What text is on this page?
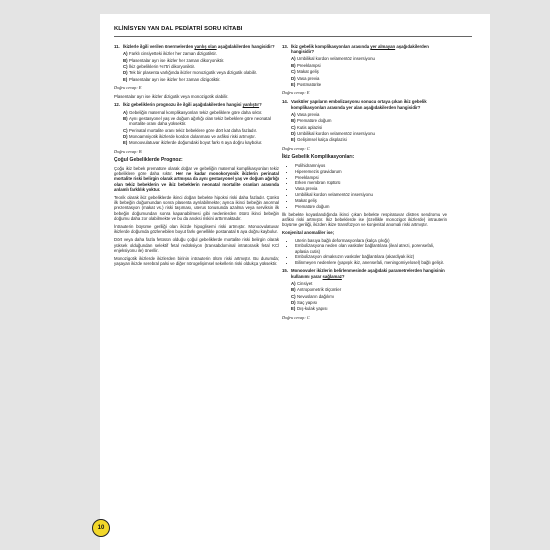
KLİNİSYEN YAN DAL PEDİATRİ SORU KİTABI
11. İkizlerle ilgili verilen önermelerden yanlış olan aşağıdakilerden hangisidir?
A) Farklı cinsiyetteki ikizler her zaman dizigotiktir.
B) Plasentalar ayrı ise ikizler her zaman dikoryoniktir.
C) İkiz gebeliklerin %75'i dikoryoniktir.
D) Tek bir plasenta varlığında ikizler monozigotik veya dizigotik olabilir.
E) Plasentalar ayrı ise ikizler her zaman dizigotiktir.
Doğru cevap: E
Plasentalar ayrı ise ikizler dizigotik veya monozigotik olabilir.
12. İkiz gebeliklerin prognozu ile ilgili aşağıdakilerden hangisi yanlıştır?
A) Gebeliğin maternal komplikasyonları tekiz gebeliklere göre daha sıktır.
B) Aynı gestasyonel yaş ve doğum ağırlığı olan tekiz bebeklere göre neonatal mortalite oranı daha yüksektir.
C) Perinatal mortalite oranı tekiz bebeklere göre dört kat daha fazladır.
D) Monoamniyotik ikizlerde kordon dolanması ve asfiksi riski artmıştır.
E) Monoovulatuvar ikizlerde doğumdaki boyut farkı 6 aya doğru kaybolur.
Doğru cevap: B
Çoğul Gebeliklerde Prognoz:
Çoğu ikiz bebek prematüre olarak doğar ve gebeliğin maternal komplikasyonları tekiz gebeliklere göre daha sıktır. Her ne kadar monokoryonik ikizlerin perinatal mortalite riski belirgin olarak artmışsa da aynı gestasyonel yaş ve doğum ağırlığı olan tekiz bebeklerin ve ikiz bebeklerin neonatal mortalite oranları arasında anlamlı farklılık yoktur.
Teorik olarak ikiz gebeliklerde ikinci doğan bebekte hipoksi riski daha fazladır. Çünkü ilk bebeğin doğumundan sonra plasenta ayrılabilmekte; ayrıca ikinci bebeğin anormal prezentasyon (makat vs.) riski taşıması, uterus tonusunda azalma veya serviksin ilk bebeğin doğumundan sonra kapanabilmesi gibi nedenlerden ötürü ikinci bebeğin doğumu daha zor olabilmekte ve bu da anoksi riskini arttırmaktadır.
İntrauterin büyüme geriliği olan ikizde hipoglisemi riski artmıştır. Monoovulatuvar ikizlerde doğumda gözlenebilen boyut farkı genellikle postanatal 6 aya doğru kaybolur.
Dört veya daha fazla fetüsün olduğu çoğul gebeliklerde mortalite riski belirgin olarak yüksek olduğundan selektif fetal redüksiyon (transabdominal intratorasik fetal KCl enjeksiyonu ile) önerilir.
Monozigotik ikizlerde ikizlerden birinin intrauterin ölüm riski artmıştır. Bu durumda; yaşayan ikizde serebral palsi ve diğer nörogelişimsel sekellerin riski oldukça yüksektir.
13. İkiz gebelik komplikasyonları arasında yer almayan aşağıdakilerden hangisidir?
A) Umbilikal kordon velamentöz insersiyonu
B) Preeklampsi
C) Makat geliş
D) Vasa previa
E) Postmatürite
Doğru cevap: E
14. Vasküler yapıların embolizasyonu sonucu ortaya çıkan ikiz gebelik komplikasyonları arasında yer alan aşağıdakilerden hangisidir?
A) Vasa previa
B) Prematüre doğum
C) Kutis aplazisi
D) Umbilikal kordon velamentöz insersiyonu
E) Gelişimsel kalça displazisi
Doğru cevap: C
İkiz Gebelik Komplikasyonları:
• Polihidramniyos
• Hiperemezis gravidarum
• Preeklampsi
• Erken membran rüptürü
• Vasa previa
• Umbilikal kordon velamentöz insersiyonu
• Makat geliş
• Prematüre doğum
İlk bebekte koyaslandığında ikinci çıkan bebekte respiratuvar distres sendromu ve asfiksi riski artmıştır. İkiz bebeklerde ise (özellikle monozigot ikizlerde) intrauterin büyüme geriliği, ikizden ikize transfüzyon ve konjenital anomali riski artmıştır.
Konjenital anomaliler ise;
• Uterin basıya bağlı deformasyonlara (kalça çıkığı)
• Embolizasyona neden olan vasküler bağlantılara (ileal atrezi, porensefali, aplasia cutis)
• Embolizasyon olmaksızın vasküler bağlantılara (akardiyak ikiz)
• Bilinmeyen nedenlere (yapışık ikiz, anensefali, meningomiyelosel) bağlı gelişir.
15. Monoovuler ikizlerin belirlenmesinde aşağıdaki parametrelerden hangisinin kullanımı yarar sağlamaz?
A) Cinsiyet
B) Antropometrik ölçümler
C) Nevusların dağılımı
D) Saç yapısı
E) Dış-kulak yapısı
Doğru cevap: C
10
